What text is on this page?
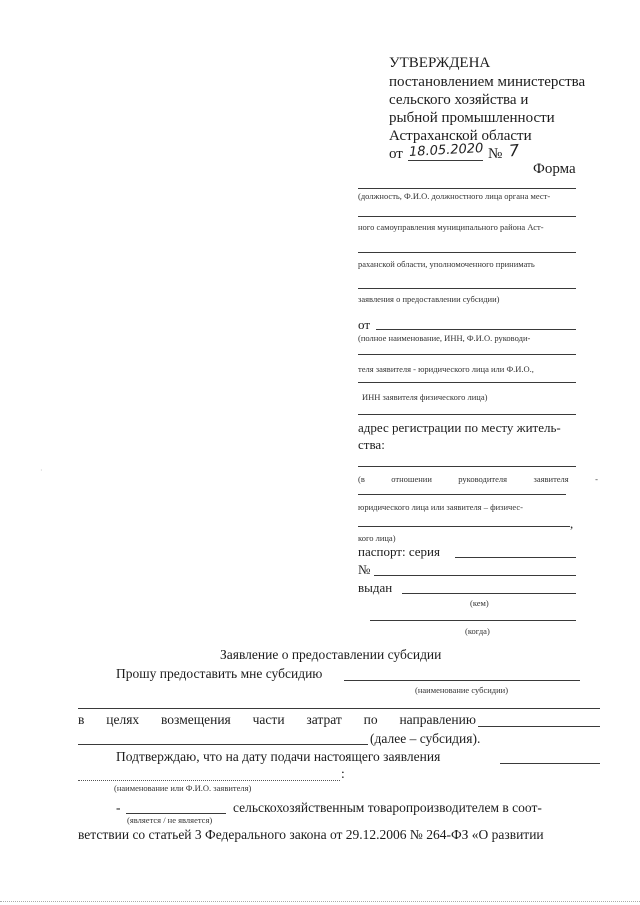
УТВЕРЖДЕНА
постановлением министерства
сельского хозяйства и
рыбной промышленности
Астраханской области
от 18.05.2020 № 7
Форма
(должность, Ф.И.О. должностного лица органа мест-
ного самоуправления муниципального района Аст-
раханской области, уполномоченного принимать
заявления о предоставлении субсидии)
от
(полное наименование, ИНН, Ф.И.О. руководи-
теля заявителя - юридического лица или Ф.И.О.,
ИНН заявителя физического лица)
адрес регистрации по месту житель-
ства:
(в	отношении	руководителя	заявителя	-
юридического лица или заявителя – физичес-
,
кого лица)
паспорт: серия
№
выдан
(кем)
(когда)
·
Заявление о предоставлении субсидии
Прошу предоставить мне субсидию
(наименование субсидии)
в целях возмещения части затрат по направлению
(далее – субсидия).
Подтверждаю, что на дату подачи настоящего заявления
:
(наименование или Ф.И.О. заявителя)
-	сельскохозяйственным товаропроизводителем в соот-
(является / не является)
ветствии со статьей 3 Федерального закона от 29.12.2006 № 264-ФЗ «О развитии
